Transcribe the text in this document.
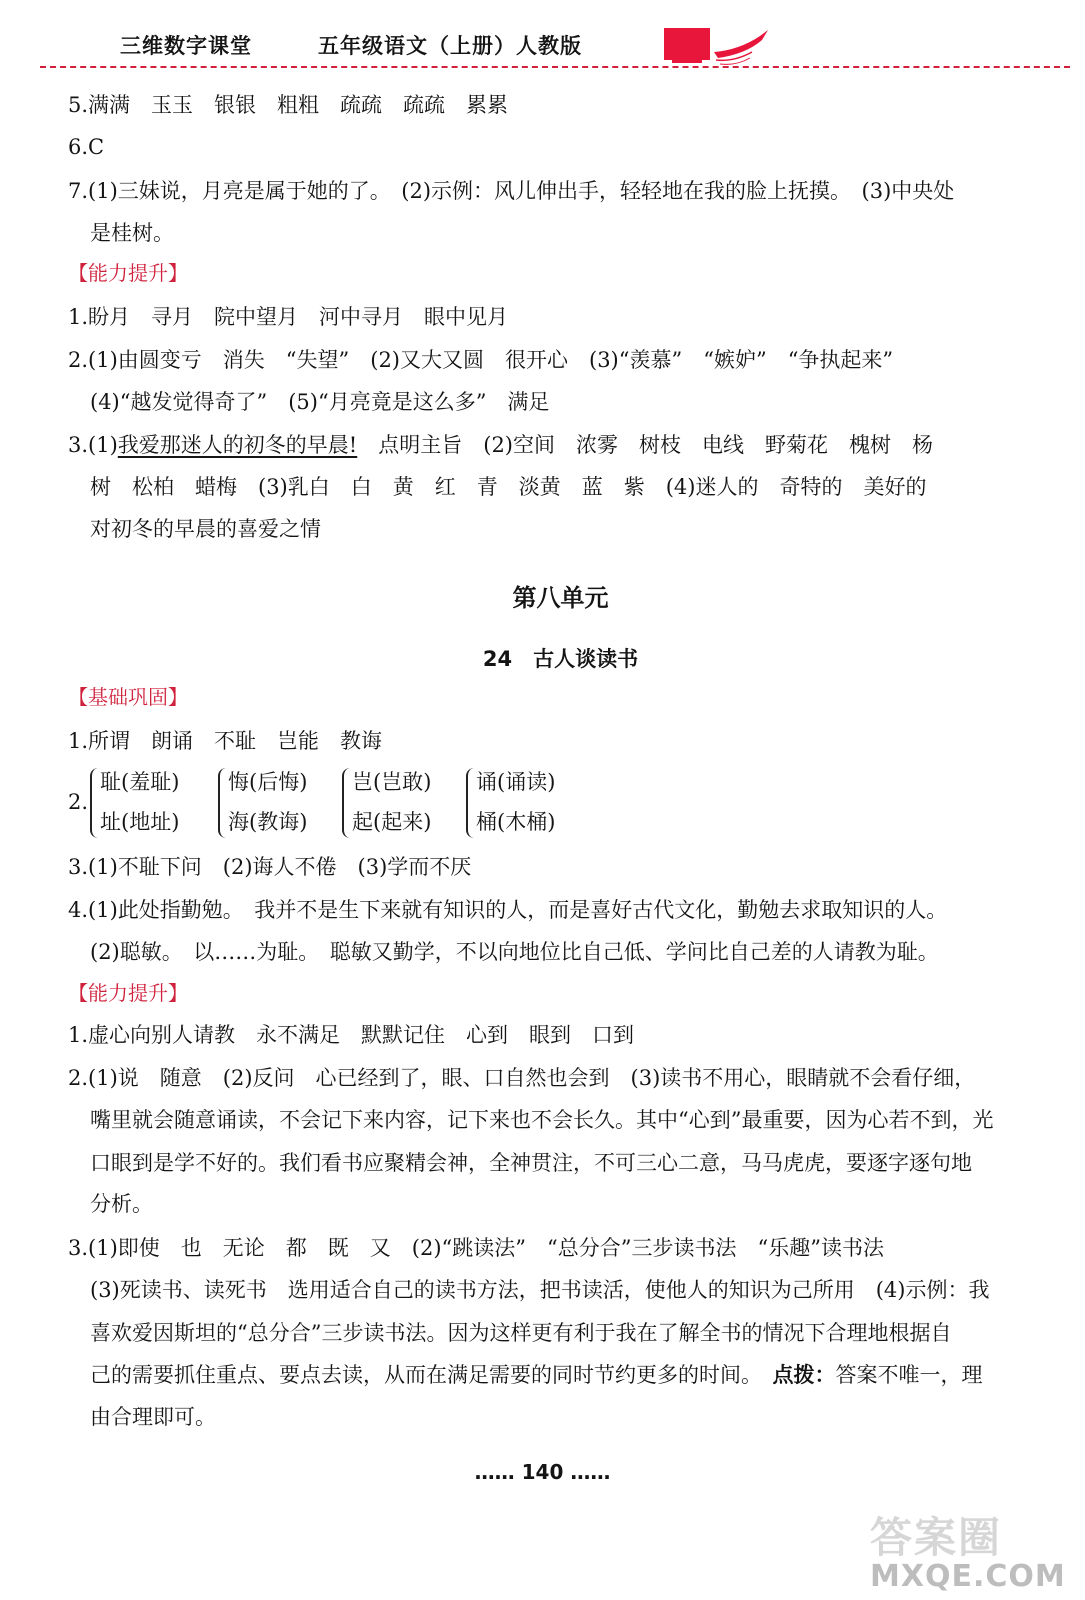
三维数字课堂	五年级语文（上册）人教版
5.满满　玉玉　银银　粗粗　疏疏　疏疏　累累
6.C
7.(1)三妹说，月亮是属于她的了。　(2)示例：风儿伸出手，轻轻地在我的脸上抚摸。　(3)中央处
是桂树。
【能力提升】
1.盼月　寻月　院中望月　河中寻月　眼中见月
2.(1)由圆变亏　消失　“失望”　(2)又大又圆　很开心　(3)“羡慕”　“嫉妒”　“争执起来”
(4)“越发觉得奇了”　(5)“月亮竟是这么多”　满足
3.(1)我爱那迷人的初冬的早晨!　点明主旨　(2)空间　浓雾　树枝　电线　野菊花　槐树　杨
树　松柏　蜡梅　(3)乳白　白　黄　红　青　淡黄　蓝　紫　(4)迷人的　奇特的　美好的
对初冬的早晨的喜爱之情
第八单元
24　古人谈读书
【基础巩固】
1.所谓　朗诵　不耻　岂能　教诲
2.
耻(羞耻)
址(地址)
悔(后悔)
海(教诲)
岂(岂敢)
起(起来)
诵(诵读)
桶(木桶)
3.(1)不耻下问　(2)诲人不倦　(3)学而不厌
4.(1)此处指勤勉。　我并不是生下来就有知识的人，而是喜好古代文化，勤勉去求取知识的人。
(2)聪敏。　以……为耻。　聪敏又勤学，不以向地位比自己低、学问比自己差的人请教为耻。
【能力提升】
1.虚心向别人请教　永不满足　默默记住　心到　眼到　口到
2.(1)说　随意　(2)反问　心已经到了，眼、口自然也会到　(3)读书不用心，眼睛就不会看仔细，
嘴里就会随意诵读，不会记下来内容，记下来也不会长久。其中“心到”最重要，因为心若不到，光
口眼到是学不好的。我们看书应聚精会神，全神贯注，不可三心二意，马马虎虎，要逐字逐句地
分析。
3.(1)即使　也　无论　都　既　又　(2)“跳读法”　“总分合”三步读书法　“乐趣”读书法
(3)死读书、读死书　选用适合自己的读书方法，把书读活，使他人的知识为己所用　(4)示例：我
喜欢爱因斯坦的“总分合”三步读书法。因为这样更有利于我在了解全书的情况下合理地根据自
己的需要抓住重点、要点去读，从而在满足需要的同时节约更多的时间。　点拨：答案不唯一，理
由合理即可。
…… 140 ……
答案圈
MXQE.COM
